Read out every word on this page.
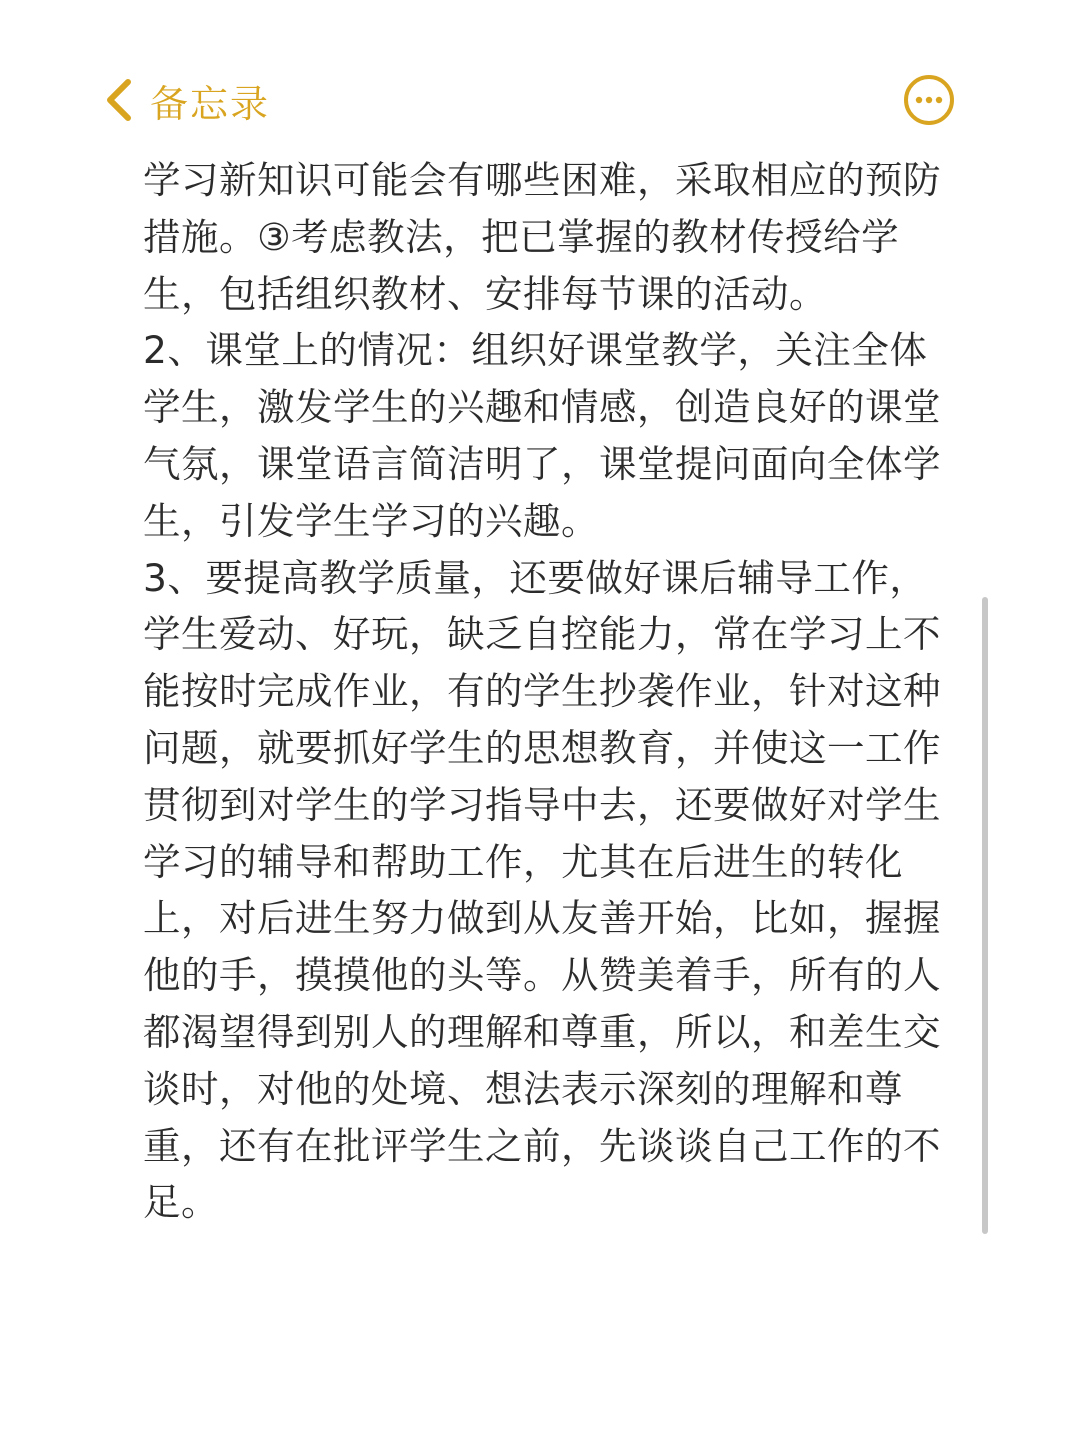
备忘录

学习新知识可能会有哪些困难，采取相应的预防措施。③考虑教法，把已掌握的教材传授给学生，包括组织教材、安排每节课的活动。

2、课堂上的情况：组织好课堂教学，关注全体学生，激发学生的兴趣和情感，创造良好的课堂气氛，课堂语言简洁明了，课堂提问面向全体学生，引发学生学习的兴趣。

3、要提高教学质量，还要做好课后辅导工作，学生爱动、好玩，缺乏自控能力，常在学习上不能按时完成作业，有的学生抄袭作业，针对这种问题，就要抓好学生的思想教育，并使这一工作贯彻到对学生的学习指导中去，还要做好对学生学习的辅导和帮助工作，尤其在后进生的转化上，对后进生努力做到从友善开始，比如，握握他的手，摸摸他的头等。从赞美着手，所有的人都渴望得到别人的理解和尊重，所以，和差生交谈时，对他的处境、想法表示深刻的理解和尊重，还有在批评学生之前，先谈谈自己工作的不足。
